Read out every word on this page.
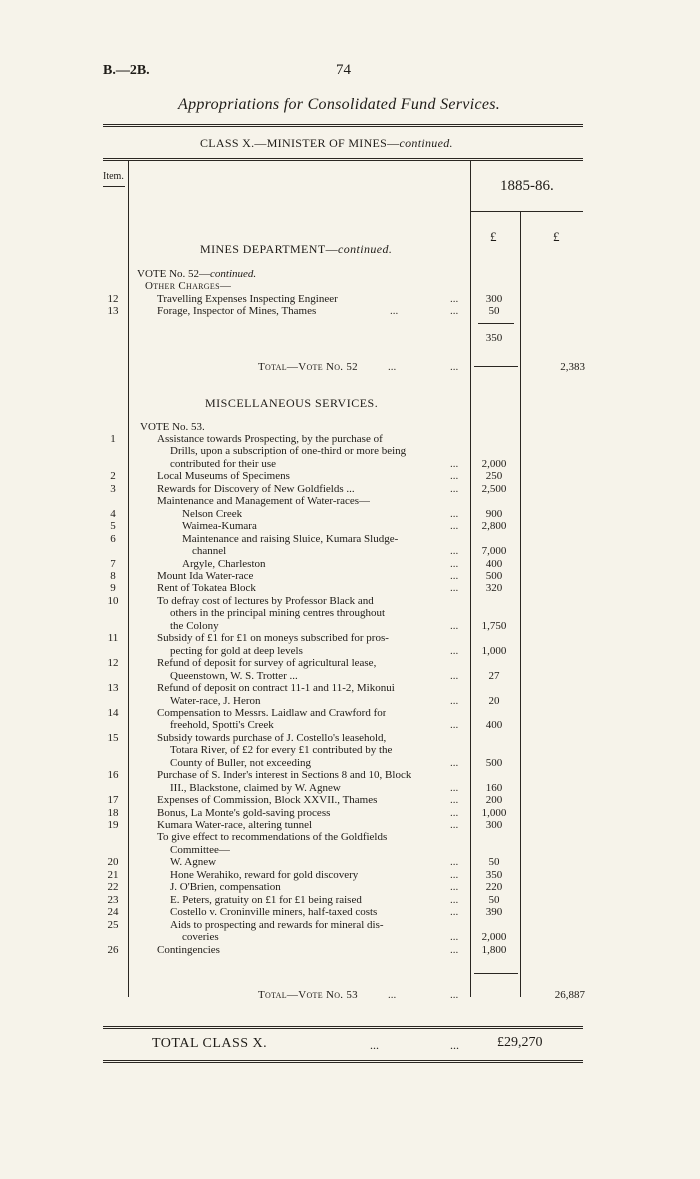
B.—2B.	74
Appropriations for Consolidated Fund Services.
CLASS X.—MINISTER OF MINES—continued.
Item.
1885-86.
£	£
MINES DEPARTMENT—continued.
VOTE No. 52—continued.
Other Charges—
12	Travelling Expenses Inspecting Engineer	...	300
13	Forage, Inspector of Mines, Thames	...	...	50
350
Total—Vote No. 52	...	...	2,383
MISCELLANEOUS SERVICES.
VOTE No. 53.
1	Assistance towards Prospecting, by the purchase of
Drills, upon a subscription of one-third or more being
contributed for their use	...	2,000
2	Local Museums of Specimens	...	250
3	Rewards for Discovery of New Goldfields ...	...	2,500
Maintenance and Management of Water-races—
4	Nelson Creek	...	900
5	Waimea-Kumara	...	2,800
6	Maintenance and raising Sluice, Kumara Sludge-
channel	...	7,000
7	Argyle, Charleston	...	400
8	Mount Ida Water-race	...	500
9	Rent of Tokatea Block	...	320
10	To defray cost of lectures by Professor Black and
others in the principal mining centres throughout
the Colony	...	1,750
11	Subsidy of £1 for £1 on moneys subscribed for pros-
pecting for gold at deep levels	...	1,000
12	Refund of deposit for survey of agricultural lease,
Queenstown, W. S. Trotter ...	...	27
13	Refund of deposit on contract 11-1 and 11-2, Mikonui
Water-race, J. Heron	...	20
14	Compensation to Messrs. Laidlaw and Crawford for
freehold, Spotti's Creek	...	400
15	Subsidy towards purchase of J. Costello's leasehold,
Totara River, of £2 for every £1 contributed by the
County of Buller, not exceeding	...	500
16	Purchase of S. Inder's interest in Sections 8 and 10, Block
III., Blackstone, claimed by W. Agnew	...	160
17	Expenses of Commission, Block XXVII., Thames	...	200
18	Bonus, La Monte's gold-saving process	...	1,000
19	Kumara Water-race, altering tunnel	...	300
To give effect to recommendations of the Goldfields
Committee—
20	W. Agnew	...	50
21	Hone Werahiko, reward for gold discovery	...	350
22	J. O'Brien, compensation	...	220
23	E. Peters, gratuity on £1 for £1 being raised	...	50
24	Costello v. Croninville miners, half-taxed costs	...	390
25	Aids to prospecting and rewards for mineral dis-
coveries	...	2,000
26	Contingencies	...	1,800
Total—Vote No. 53	...	...	26,887
TOTAL CLASS X.	...	...	£29,270
